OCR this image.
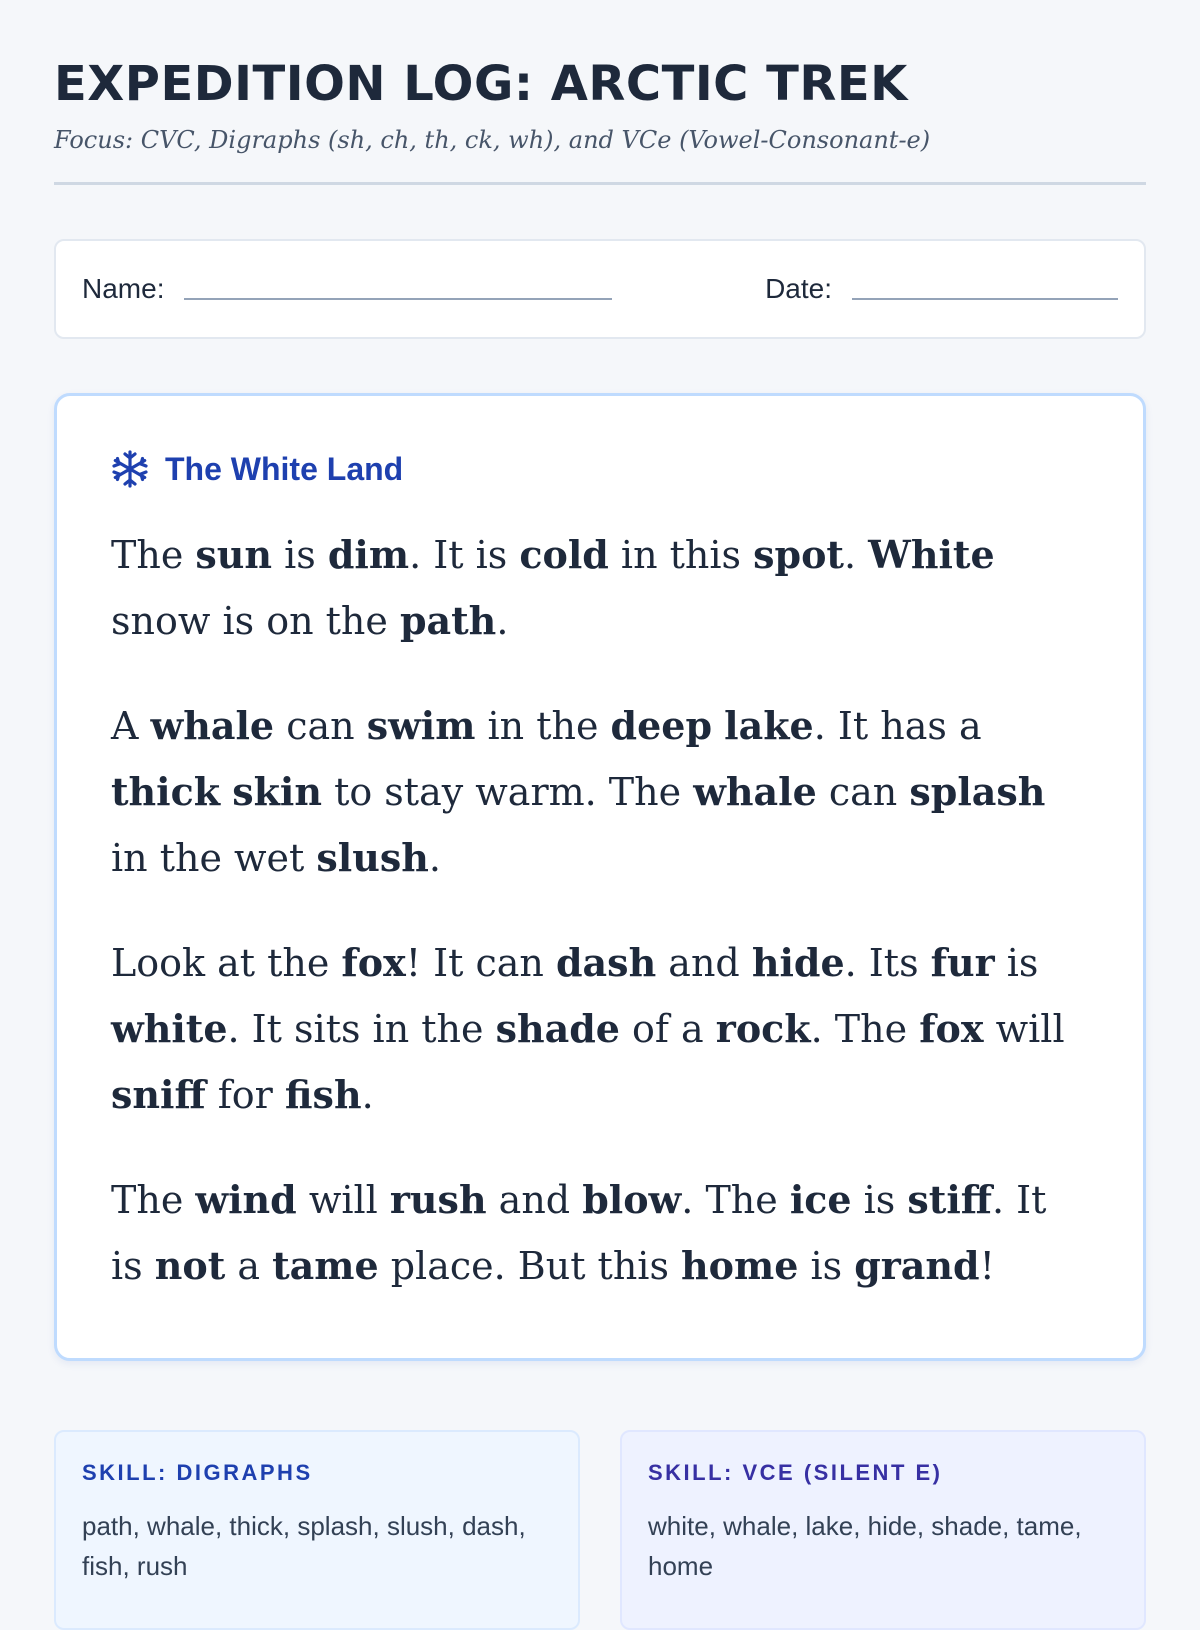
EXPEDITION LOG: ARCTIC TREK

Focus: CVC, Digraphs (sh, ch, th, ck, wh), and VCe (Vowel-Consonant-e)

Name:	Date:
The White Land

The sun is dim. It is cold in this spot. White snow is on the path.

A whale can swim in the deep lake. It has a thick skin to stay warm. The whale can splash in the wet slush.

Look at the fox! It can dash and hide. Its fur is white. It sits in the shade of a rock. The fox will sniff for fish.

The wind will rush and blow. The ice is stiff. It is not a tame place. But this home is grand!

SKILL: DIGRAPHS
path, whale, thick, splash, slush, dash, fish, rush
SKILL: VCE (SILENT E)
white, whale, lake, hide, shade, tame, home
